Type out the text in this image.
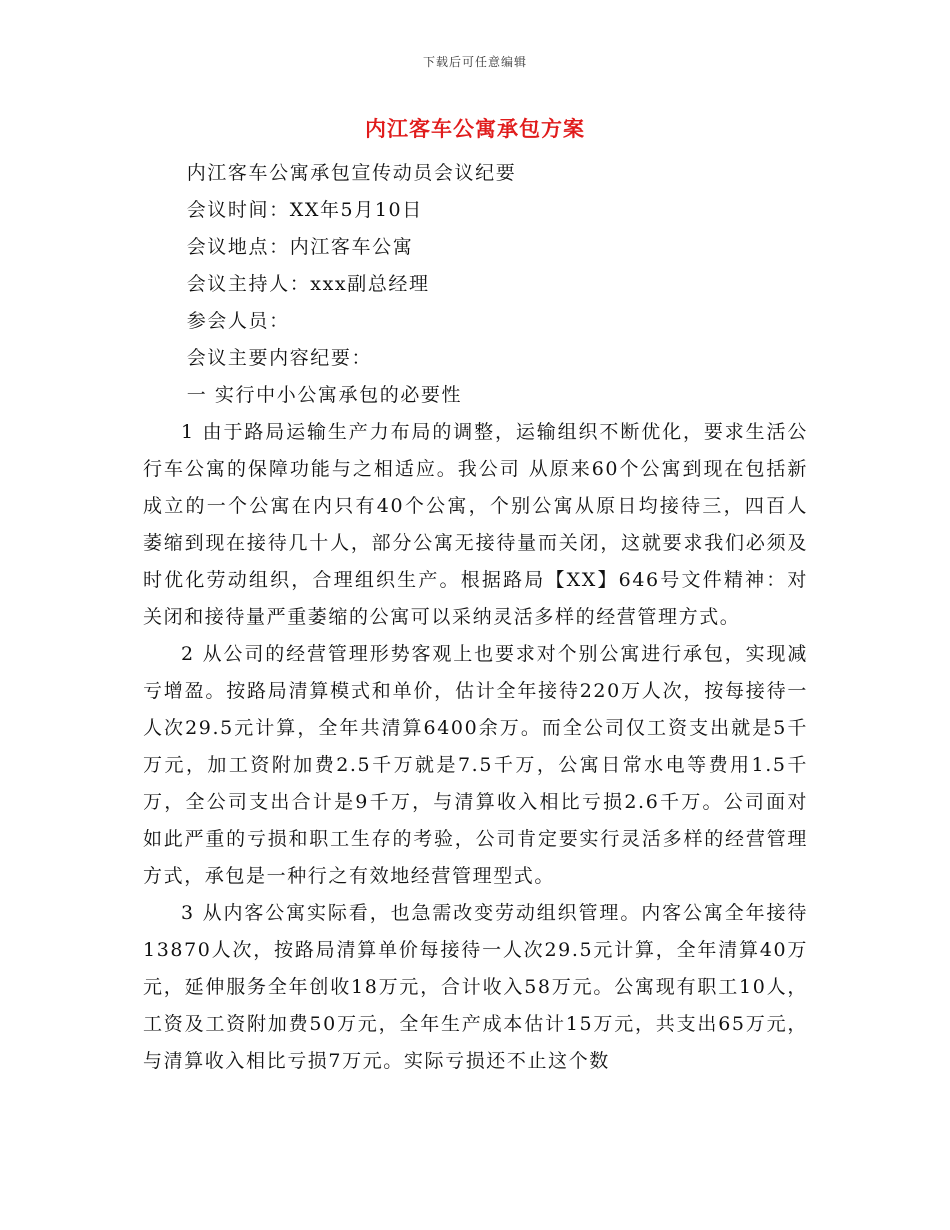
下载后可任意编辑
内江客车公寓承包方案

内江客车公寓承包宣传动员会议纪要

会议时间：XX年5月10日

会议地点：内江客车公寓

会议主持人：xxx副总经理

参会人员：

会议主要内容纪要：

一 实行中小公寓承包的必要性

1 由于路局运输生产力布局的调整，运输组织不断优化，要求生活公行车公寓的保障功能与之相适应。我公司 从原来60个公寓到现在包括新成立的一个公寓在内只有40个公寓，个别公寓从原日均接待三，四百人萎缩到现在接待几十人，部分公寓无接待量而关闭，这就要求我们必须及时优化劳动组织，合理组织生产。根据路局【XX】646号文件精神：对关闭和接待量严重萎缩的公寓可以采纳灵活多样的经营管理方式。

2 从公司的经营管理形势客观上也要求对个别公寓进行承包，实现减亏增盈。按路局清算模式和单价，估计全年接待220万人次，按每接待一人次29.5元计算，全年共清算6400余万。而全公司仅工资支出就是5千万元，加工资附加费2.5千万就是7.5千万，公寓日常水电等费用1.5千万，全公司支出合计是9千万，与清算收入相比亏损2.6千万。公司面对如此严重的亏损和职工生存的考验，公司肯定要实行灵活多样的经营管理方式，承包是一种行之有效地经营管理型式。

3 从内客公寓实际看，也急需改变劳动组织管理。内客公寓全年接待13870人次，按路局清算单价每接待一人次29.5元计算，全年清算40万元，延伸服务全年创收18万元，合计收入58万元。公寓现有职工10人，工资及工资附加费50万元，全年生产成本估计15万元，共支出65万元，与清算收入相比亏损7万元。实际亏损还不止这个数
